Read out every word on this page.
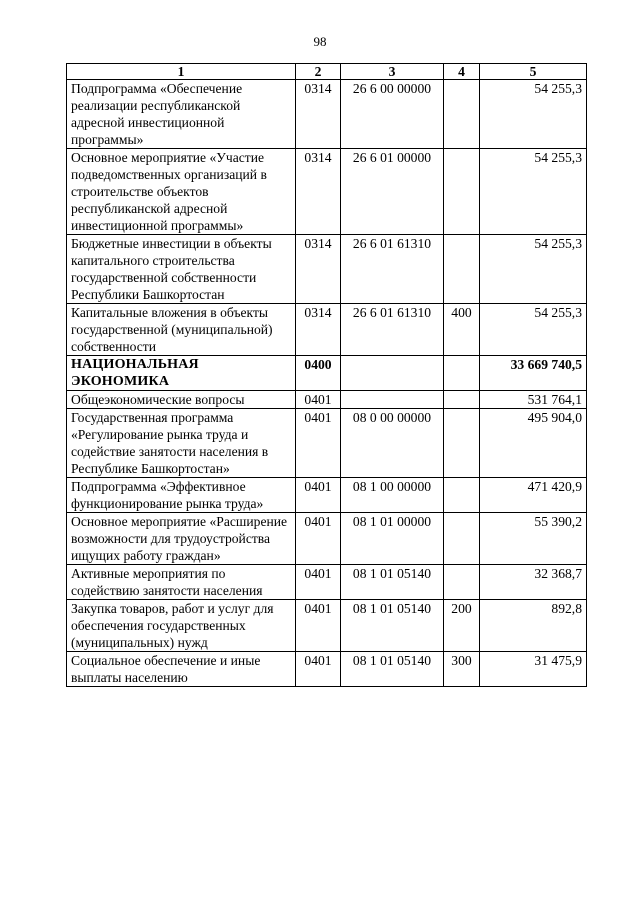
98
1	2	3	4	5
Подпрограмма «Обеспечение реализации республиканской адресной инвестиционной программы»	0314	26 6 00 00000		54 255,3
Основное мероприятие «Участие подведомственных организаций в строительстве объектов республиканской адресной инвестиционной программы»	0314	26 6 01 00000		54 255,3
Бюджетные инвестиции в объекты капитального строительства государственной собственности Республики Башкортостан	0314	26 6 01 61310		54 255,3
Капитальные вложения в объекты государственной (муниципальной) собственности	0314	26 6 01 61310	400	54 255,3
НАЦИОНАЛЬНАЯ ЭКОНОМИКА	0400			33 669 740,5
Общеэкономические вопросы	0401			531 764,1
Государственная программа «Регулирование рынка труда и содействие занятости населения в Республике Башкортостан»	0401	08 0 00 00000		495 904,0
Подпрограмма «Эффективное функционирование рынка труда»	0401	08 1 00 00000		471 420,9
Основное мероприятие «Расширение возможности для трудоустройства ищущих работу граждан»	0401	08 1 01 00000		55 390,2
Активные мероприятия по содействию занятости населения	0401	08 1 01 05140		32 368,7
Закупка товаров, работ и услуг для обеспечения государственных (муниципальных) нужд	0401	08 1 01 05140	200	892,8
Социальное обеспечение и иные выплаты населению	0401	08 1 01 05140	300	31 475,9
